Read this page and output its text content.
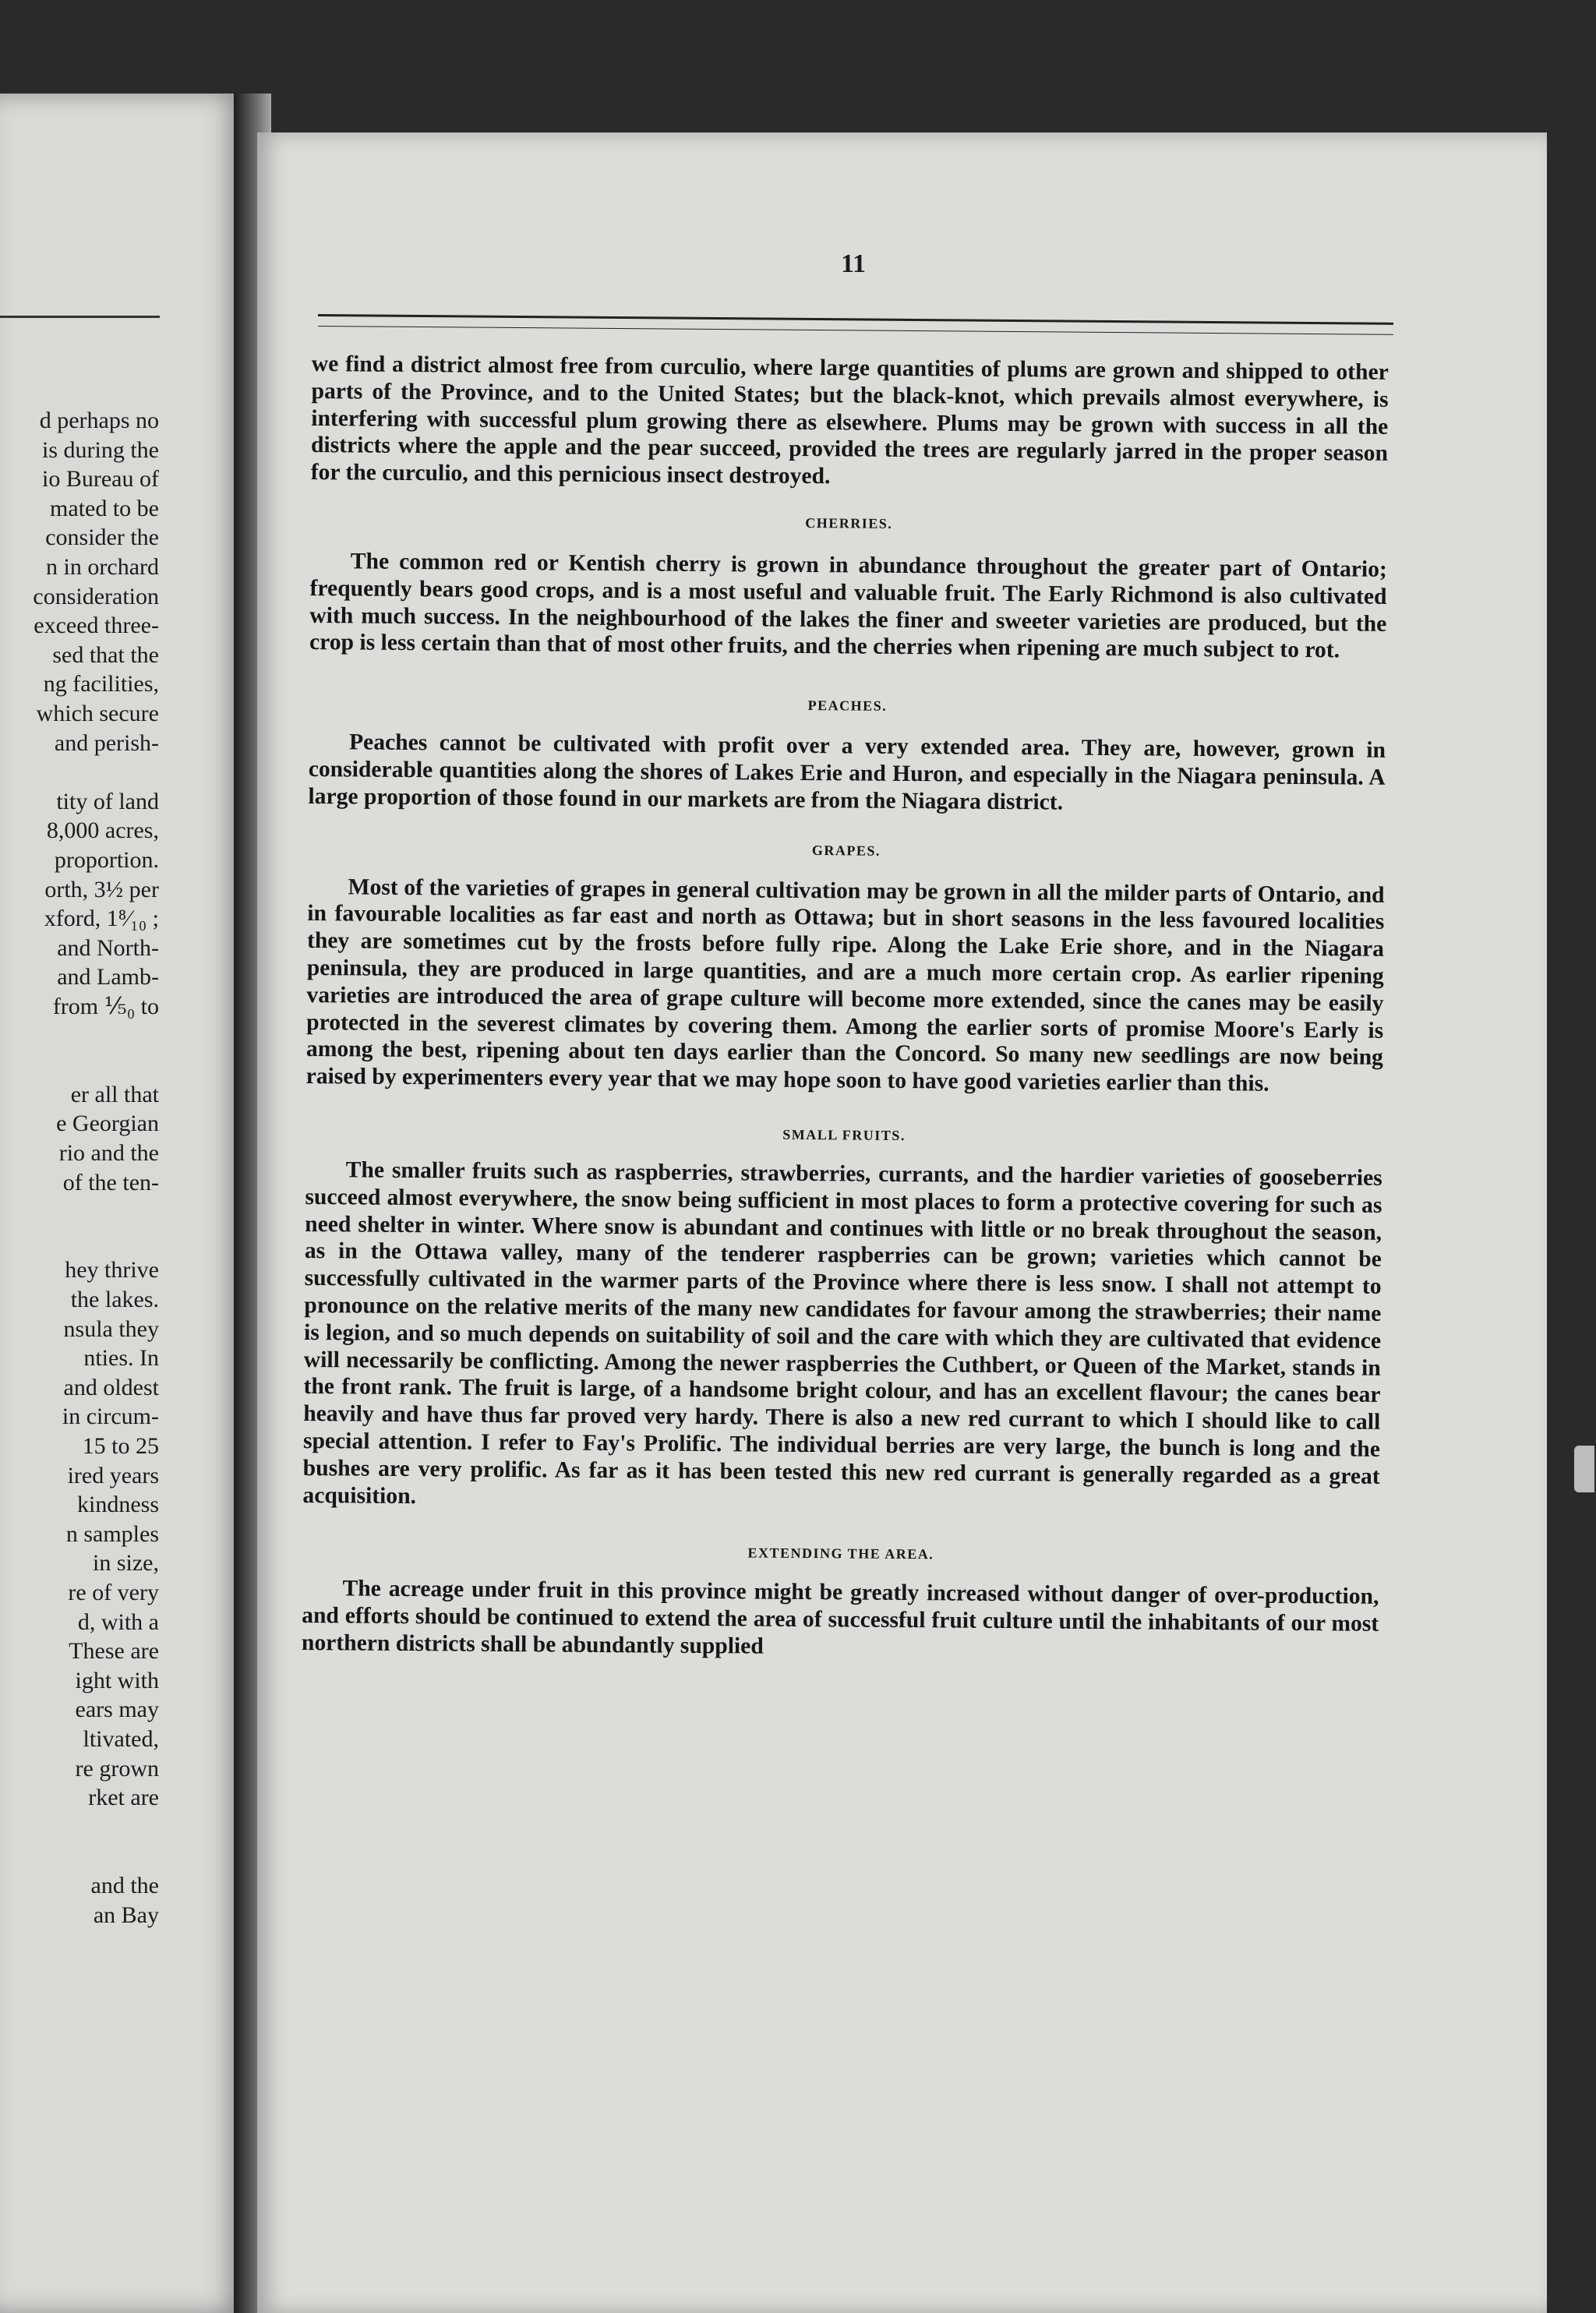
d perhaps no
is during the
io Bureau of
mated to be
consider the
n in orchard
consideration
exceed three-
sed that the
ng facilities,
which secure
and perish-
tity of land
8,000 acres,
proportion.
orth, 3½ per
xford, 1⁸⁄₁₀ ;
and North-
and Lamb-
from ⅕₀ to
er all that
e Georgian
rio and the
of the ten-
hey thrive
the lakes.
nsula they
nties. In
and oldest
in circum-
15 to 25
ired years
kindness
n samples
in size,
re of very
d, with a
These are
ight with
ears may
ltivated,
re grown
rket are
and the
an Bay
11

we find a district almost free from curculio, where large quantities of plums are grown and shipped to other parts of the Province, and to the United States; but the black-knot, which prevails almost everywhere, is interfering with successful plum growing there as elsewhere. Plums may be grown with success in all the districts where the apple and the pear succeed, provided the trees are regularly jarred in the proper season for the curculio, and this pernicious insect destroyed.

CHERRIES.

The common red or Kentish cherry is grown in abundance throughout the greater part of Ontario; frequently bears good crops, and is a most useful and valuable fruit. The Early Richmond is also cultivated with much success. In the neighbourhood of the lakes the finer and sweeter varieties are produced, but the crop is less certain than that of most other fruits, and the cherries when ripening are much subject to rot.

PEACHES.

Peaches cannot be cultivated with profit over a very extended area. They are, however, grown in considerable quantities along the shores of Lakes Erie and Huron, and especially in the Niagara peninsula. A large proportion of those found in our markets are from the Niagara district.

GRAPES.

Most of the varieties of grapes in general cultivation may be grown in all the milder parts of Ontario, and in favourable localities as far east and north as Ottawa; but in short seasons in the less favoured localities they are sometimes cut by the frosts before fully ripe. Along the Lake Erie shore, and in the Niagara peninsula, they are produced in large quantities, and are a much more certain crop. As earlier ripening varieties are introduced the area of grape culture will become more extended, since the canes may be easily protected in the severest climates by covering them. Among the earlier sorts of promise Moore's Early is among the best, ripening about ten days earlier than the Concord. So many new seedlings are now being raised by experimenters every year that we may hope soon to have good varieties earlier than this.

SMALL FRUITS.

The smaller fruits such as raspberries, strawberries, currants, and the hardier varieties of gooseberries succeed almost everywhere, the snow being sufficient in most places to form a protective covering for such as need shelter in winter. Where snow is abundant and continues with little or no break throughout the season, as in the Ottawa valley, many of the tenderer raspberries can be grown; varieties which cannot be successfully cultivated in the warmer parts of the Province where there is less snow. I shall not attempt to pronounce on the relative merits of the many new candidates for favour among the strawberries; their name is legion, and so much depends on suitability of soil and the care with which they are cultivated that evidence will necessarily be conflicting. Among the newer raspberries the Cuthbert, or Queen of the Market, stands in the front rank. The fruit is large, of a handsome bright colour, and has an excellent flavour; the canes bear heavily and have thus far proved very hardy. There is also a new red currant to which I should like to call special attention. I refer to Fay's Prolific. The individual berries are very large, the bunch is long and the bushes are very prolific. As far as it has been tested this new red currant is generally regarded as a great acquisition.

EXTENDING THE AREA.

The acreage under fruit in this province might be greatly increased without danger of over-production, and efforts should be continued to extend the area of successful fruit culture until the inhabitants of our most northern districts shall be abundantly supplied
